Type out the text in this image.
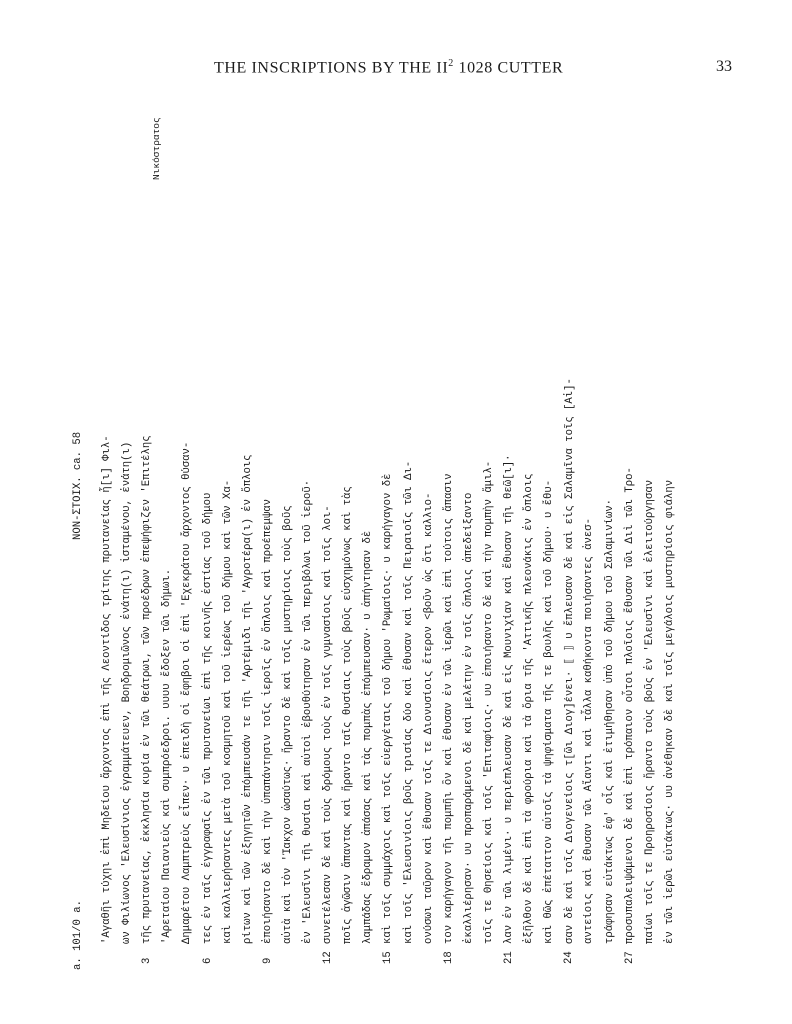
THE INSCRIPTIONS BY THE $II^2$ 1028 CUTTER	33
a. 101/0 a.
NON-ΣΤΟΙΧ. ca. 58 'Αγαθῆι τύχηι ἐπὶ Μηδείου ἄρχοντος ἐπὶ τῆς Λεοντίδος τρίτης πρυτανείας ἧ[ι] Φιλ- ων Φιλίωνος 'Ελευσίνιος ἐγραμμάτευεν, Βοηδρομιῶνος ἐνάτη(ι) ἱσταμένου, ἐνάτη(ι)
3
τῆς πρυτανείας, ἐκκλησία κυρία ἐν τῶι θεάτρωι, τῶν προέδρων ἐπεψήφιζεν 'Επιτέλης 'Αρεταίου Παιανιεὺς καὶ συμπρόεδροι. υυυυ ἔδοξεν τῶι δήμωι.
Νικόστρατος
Δημαρέτου Λαμπτρεὺς εἶπεν· υ ἐπειδὴ οἱ ἔφηβοι οἱ ἐπὶ 'Εχεκράτου ἄρχοντος θύσαν-
6
τες ἐν ταῖς ἐγγραφαῖς ἐν τῶι πρυτανείωι ἐπὶ τῆς κοινῆς ἑστίας τοῦ δήμου καὶ καλλιερήσαντες μετὰ τοῦ κοσμητοῦ καὶ τοῦ ἱερέως τοῦ δήμου καὶ τῶν Χα- ρίτων καὶ τῶν ἐξηγητῶν ἐπόμπευσάν τε τῆι 'Αρτέμιδι τῆι 'Αγροτέρα(ι) ἐν ὅπλοις
9
ἐποιήσαντο δὲ καὶ τὴν ὑπαπάντησιν τοῖς ἱεροῖς ἐν ὅπλοις καὶ προέπεμψαν αὐτὰ καὶ τὸν 'Ίακχον ὡσαύτως· ἤραντο δὲ καὶ τοῖς μυστηρίοις τοὺς βοῦς ἐν 'Ελευσῖνι τῆι θυσίαι καὶ αὐτοὶ ἐβουθύτησαν ἐν τῶι περιβόλωι τοῦ ἱεροῦ·
12
συνετέλεσαν δὲ καὶ τοὺς δρόμους τοὺς ἐν τοῖς γυμνασίοις καὶ τοῖς λοι- ποῖς ἀγῶσιν ἅπαντας καὶ ἤραντο ταῖς θυσίαις τοὺς βοῦς εὐσχημόνως καὶ τὰς λαμπάδας ἔδραμον ἀπάσας καὶ τὰς πομπὰς ἐπόμπευσαν· υ ἀπήντησαν δὲ
15
καὶ τοῖς συμμάχοις καὶ τοῖς εὐεργέταις τοῦ δήμου 'Ρωμαίοις· υ καρήγαγον δὲ καὶ τοῖς 'Ελευσινίοις βοῦς τρισίας δύο καὶ ἔθυσαν καὶ τοῖς Πειραιοῖς τῶι Δι- ονύσωι ταῦρον καὶ ἔθυσαν τοῖς τε Διονυσίοις ἕτερον <βοῦν ὡς ὅτι καλλιο-
18
τον καρήγαγον τῆι πομπῆι ὃν καὶ ἔθυσαν ἐν τῶι ἱερῶι καὶ ἐπὶ τούτοις ἅπασιν ἐκαλλιέρησαν· υυ προπαράμενοι δὲ καὶ μελέτην ἐν τοῖς ὅπλοις ἀπεδείξαντο τοῖς τε Θησείοις καὶ τοῖς 'Επιταφίοις· υυ ἐποιήσαντο δὲ καὶ τὴν πομπὴν ἅμιλ-
21
λαν ἐν τῶι λιμένι· υ περιέπλευσαν δὲ καὶ εἰς Μουνιχίαν καὶ ἔθυσαν τῆι θεῶ[ι]· ἐξῆλθον δὲ καὶ ἐπὶ τὰ φρούρια καὶ τὰ ὅρια τῆς 'Αττικῆς πλεονάκις ἐν ὅπλοις καὶ θῶς ἐπέταττον αὐτοῖς τὰ ψηφίσματα τῆς τε βουλῆς καὶ τοῦ δήμου· υ ἔθυ-
24
σαν δὲ καὶ τοῖς Διογενείοις τ[ῶι Διογ]ένει· ⟦ ⟧ υ ἔπλευσαν δὲ καὶ εἰς Σαλαμῖνα τοῖς [Αἰ]- αντείοις καὶ ἔθυσαν τῶι Αἴαντι καὶ τἆλλα καθήκοντα ποιήσαντες ἀνεσ- τράφησαν εὐτάκτως ἐφ' οἷς καὶ ἐτιμήθησαν ὑπὸ τοῦ δήμου τοῦ Σαλαμινίων·
27
προσυπαλειψάμενοι δὲ καὶ ἐπὶ τρόπαιον οὗτοι πλοῖοις ἔθυσαν τῶι Διὶ τῶι Τρο- παίωι τοῖς τε Προηροσίοις ἤραντο τοὺς βοῦς ἐν 'Ελευσῖνι καὶ ἐλειτούργησαν ἐν τῶι ἱερῶι εὐτάκτως· υυ ἀνέθηκαν δὲ καὶ τοῖς μεγάλοις μυστηρίοις φιάλην
